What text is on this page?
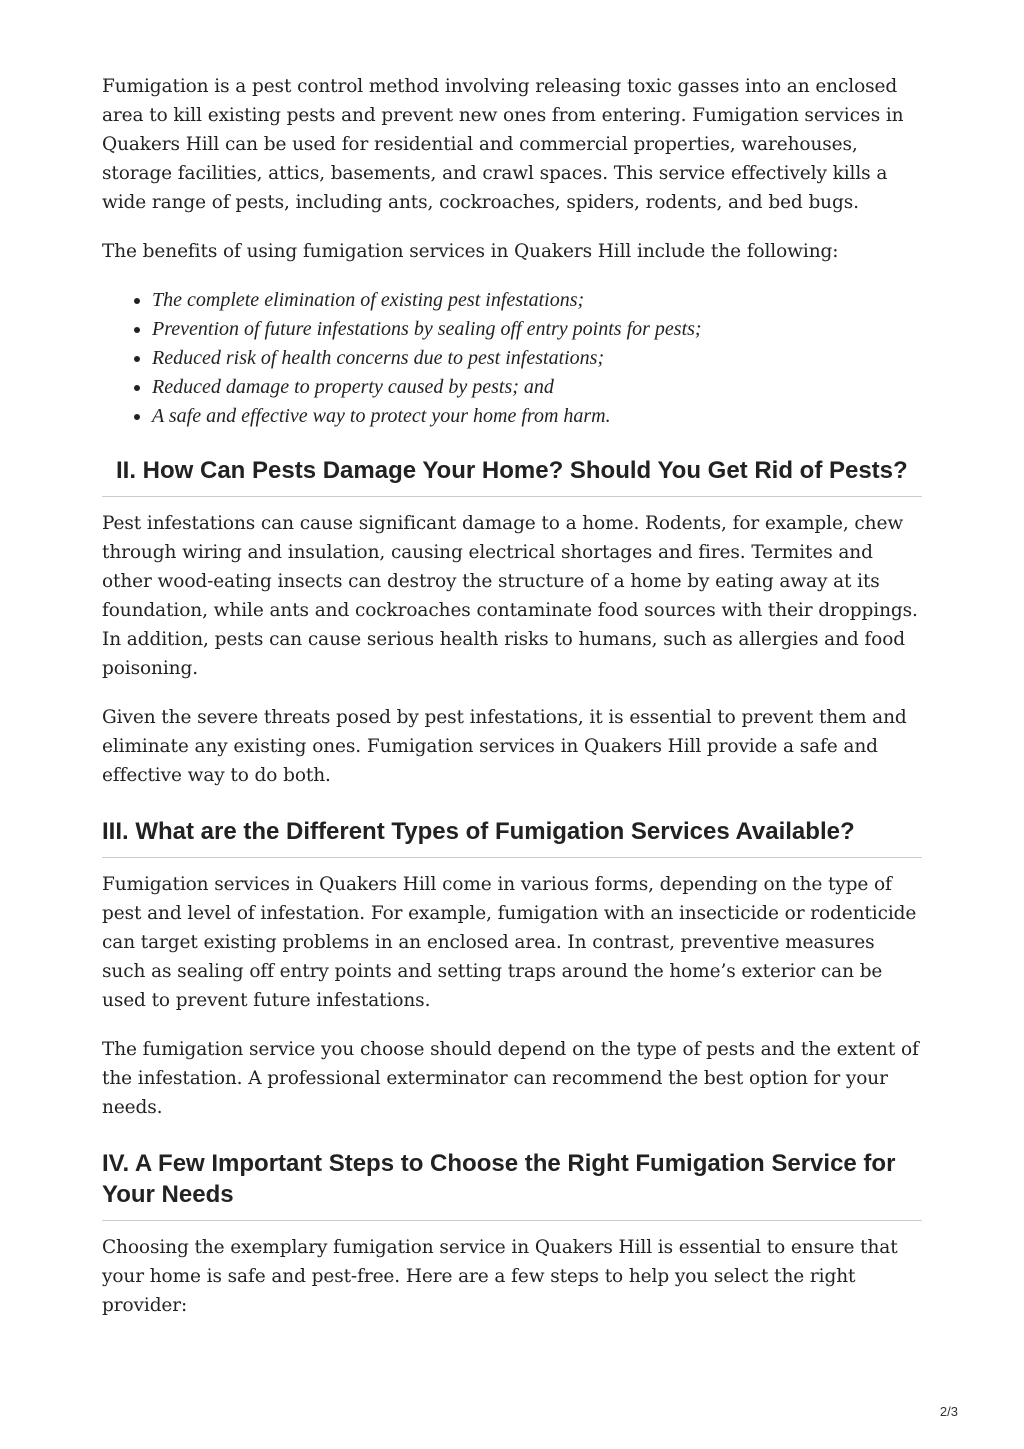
Fumigation is a pest control method involving releasing toxic gasses into an enclosed area to kill existing pests and prevent new ones from entering. Fumigation services in Quakers Hill can be used for residential and commercial properties, warehouses, storage facilities, attics, basements, and crawl spaces. This service effectively kills a wide range of pests, including ants, cockroaches, spiders, rodents, and bed bugs.

The benefits of using fumigation services in Quakers Hill include the following:

• The complete elimination of existing pest infestations;
• Prevention of future infestations by sealing off entry points for pests;
• Reduced risk of health concerns due to pest infestations;
• Reduced damage to property caused by pests; and
• A safe and effective way to protect your home from harm.
II. How Can Pests Damage Your Home? Should You Get Rid of Pests?

Pest infestations can cause significant damage to a home. Rodents, for example, chew through wiring and insulation, causing electrical shortages and fires. Termites and other wood-eating insects can destroy the structure of a home by eating away at its foundation, while ants and cockroaches contaminate food sources with their droppings. In addition, pests can cause serious health risks to humans, such as allergies and food poisoning.

Given the severe threats posed by pest infestations, it is essential to prevent them and eliminate any existing ones. Fumigation services in Quakers Hill provide a safe and effective way to do both.

III. What are the Different Types of Fumigation Services Available?

Fumigation services in Quakers Hill come in various forms, depending on the type of pest and level of infestation. For example, fumigation with an insecticide or rodenticide can target existing problems in an enclosed area. In contrast, preventive measures such as sealing off entry points and setting traps around the home’s exterior can be used to prevent future infestations.

The fumigation service you choose should depend on the type of pests and the extent of the infestation. A professional exterminator can recommend the best option for your needs.

IV. A Few Important Steps to Choose the Right Fumigation Service for Your Needs

Choosing the exemplary fumigation service in Quakers Hill is essential to ensure that your home is safe and pest-free. Here are a few steps to help you select the right provider:

2/3
